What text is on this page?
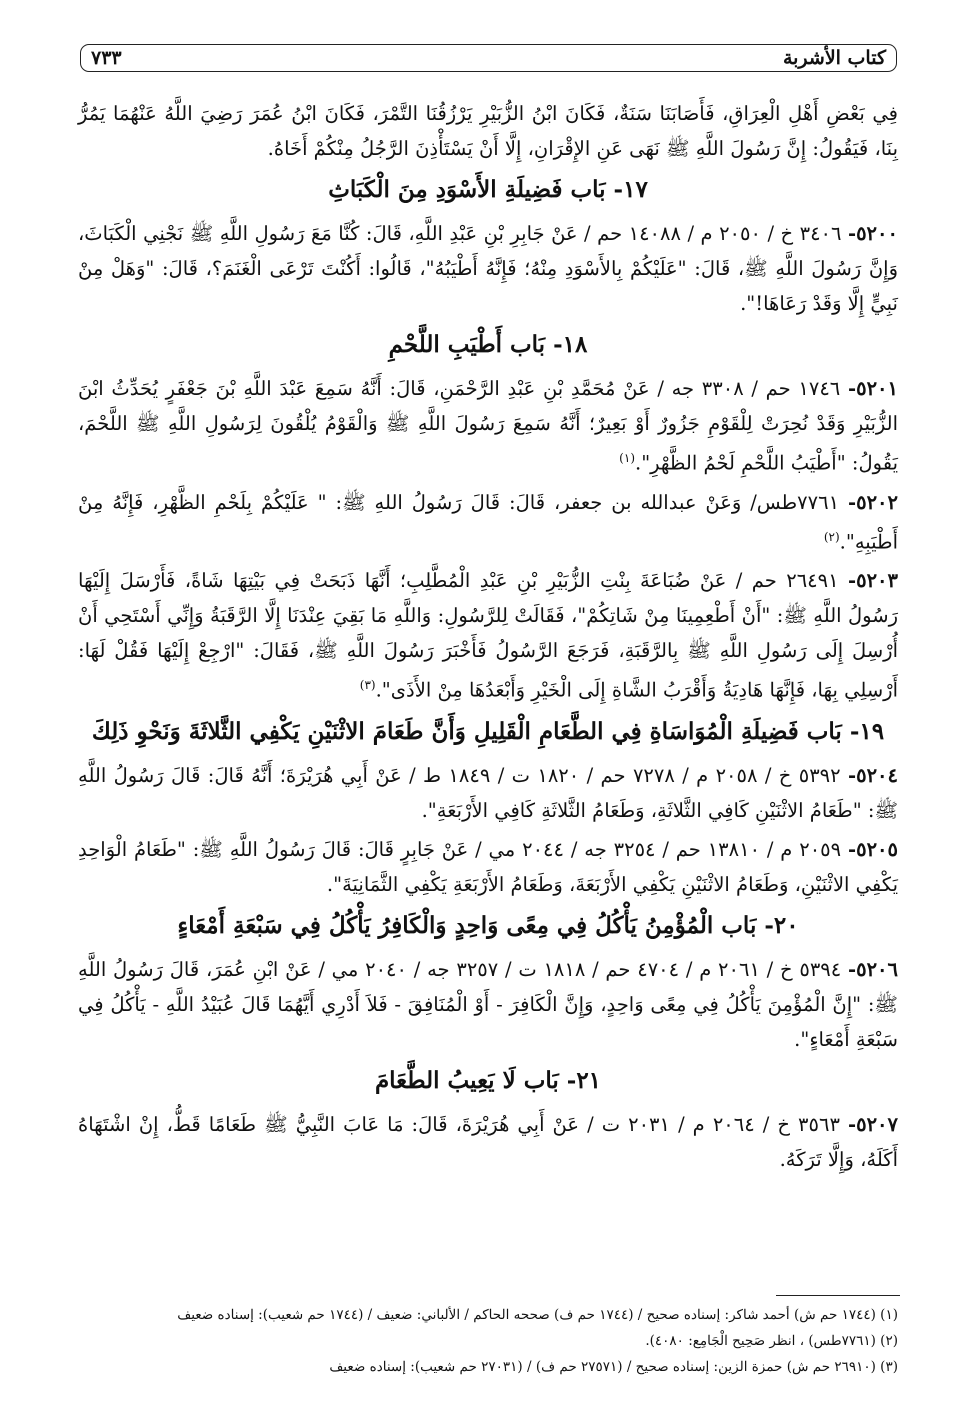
كتاب الأشربة
٧٣٣

فِي بَعْضِ أَهْلِ الْعِرَاقِ، فَأَصَابَنَا سَنَةٌ، فَكَانَ ابْنُ الزُّبَيْرِ يَرْزُقُنَا التَّمْرَ، فَكَانَ ابْنُ عُمَرَ رَضِيَ اللَّهُ عَنْهُمَا يَمُرُّ بِنَا، فَيَقُولُ: إِنَّ رَسُولَ اللَّهِ ﷺ نَهَى عَنِ الإِقْرَانِ، إِلَّا أَنْ يَسْتَأْذِنَ الرَّجُلُ مِنْكُمْ أَخَاهُ.

١٧- بَاب فَضِيلَةِ الأَسْوَدِ مِنَ الْكَبَاثِ

٥٢٠٠- ٣٤٠٦ خ / ٢٠٥٠ م / ١٤٠٨٨ حم / عَنْ جَابِرِ بْنِ عَبْدِ اللَّهِ، قَالَ: كُنَّا مَعَ رَسُولِ اللَّهِ ﷺ نَجْنِي الْكَبَاثَ، وَإِنَّ رَسُولَ اللَّهِ ﷺ، قَالَ: "عَلَيْكُمْ بِالأَسْوَدِ مِنْهُ؛ فَإِنَّهُ أَطْيَبُهُ"، قَالُوا: أَكُنْتَ تَرْعَى الْغَنَمَ؟، قَالَ: "وَهَلْ مِنْ نَبِيٍّ إِلَّا وَقَدْ رَعَاهَا!".

١٨- بَاب أَطْيَبِ اللَّحْمِ

٥٢٠١- ١٧٤٦ حم / ٣٣٠٨ جه / عَنْ مُحَمَّدِ بْنِ عَبْدِ الرَّحْمَنِ، قَالَ: أَنَّهُ سَمِعَ عَبْدَ اللَّهِ بْنَ جَعْفَرٍ يُحَدِّثُ ابْنَ الزُّبَيْرِ وَقَدْ نُحِرَتْ لِلْقَوْمِ جَزُورٌ أَوْ بَعِيرٌ؛ أَنَّهُ سَمِعَ رَسُولَ اللَّهِ ﷺ وَالْقَوْمُ يُلْقُونَ لِرَسُولِ اللَّهِ ﷺ اللَّحْمَ، يَقُولُ: "أَطْيَبُ اللَّحْمِ لَحْمُ الظَّهْرِ".$^{(١)}$

٥٢٠٢- ٧٧٦١طس/ وَعَنْ عبدالله بن جعفر، قَالَ: قَالَ رَسُولُ اللهِ ﷺ: " عَلَيْكُمْ بِلَحْمِ الظَّهْرِ، فَإِنَّهُ مِنْ أَطْيَبِهِ".$^{(٢)}$

٥٢٠٣- ٢٦٤٩١ حم / عَنْ ضُبَاعَةَ بِنْتِ الزُّبَيْرِ بْنِ عَبْدِ الْمُطَّلِبِ؛ أَنَّهَا ذَبَحَتْ فِي بَيْتِهَا شَاةً، فَأَرْسَلَ إِلَيْهَا رَسُولُ اللَّهِ ﷺ: "أَنْ أَطْعِمِينَا مِنْ شَاتِكُمْ"، فَقَالَتْ لِلرَّسُولِ: وَاللَّهِ مَا بَقِيَ عِنْدَنَا إِلَّا الرَّقَبَةُ وَإِنِّي أَسْتَحِي أَنْ أُرْسِلَ إِلَى رَسُولِ اللَّهِ ﷺ بِالرَّقَبَةِ، فَرَجَعَ الرَّسُولُ فَأَخْبَرَ رَسُولَ اللَّهِ ﷺ، فَقَالَ: "ارْجِعْ إِلَيْهَا فَقُلْ لَهَا: أَرْسِلِي بِهَا، فَإِنَّهَا هَادِيَةُ وَأَقْرَبُ الشَّاةِ إِلَى الْخَيْرِ وَأَبْعَدُهَا مِنْ الأَذَى".$^{(٣)}$

١٩- بَاب فَضِيلَةِ الْمُوَاسَاةِ فِي الطَّعَامِ الْقَلِيلِ وَأَنَّ طَعَامَ الاثْنَيْنِ يَكْفِي الثَّلاثَةَ وَنَحْوِ ذَلِكَ

٥٢٠٤- ٥٣٩٢ خ / ٢٠٥٨ م / ٧٢٧٨ حم / ١٨٢٠ ت / ١٨٤٩ ط / عَنْ أَبِي هُرَيْرَةَ؛ أَنَّهُ قَالَ: قَالَ رَسُولُ اللَّهِ ﷺ: "طَعَامُ الاثْنَيْنِ كَافِي الثَّلاثَةِ، وَطَعَامُ الثَّلاثَةِ كَافِي الأَرْبَعَةِ".

٥٢٠٥- ٢٠٥٩ م / ١٣٨١٠ حم / ٣٢٥٤ جه / ٢٠٤٤ مي / عَنْ جَابِرٍ قَالَ: قَالَ رَسُولُ اللَّهِ ﷺ: "طَعَامُ الْوَاحِدِ يَكْفِي الاثْنَيْنِ، وَطَعَامُ الاثْنَيْنِ يَكْفِي الأَرْبَعَةَ، وَطَعَامُ الأَرْبَعَةِ يَكْفِي الثَّمَانِيَةَ".

٢٠- بَاب الْمُؤْمِنُ يَأْكُلُ فِي مِعًى وَاحِدٍ وَالْكَافِرُ يَأْكُلُ فِي سَبْعَةِ أَمْعَاءٍ

٥٢٠٦- ٥٣٩٤ خ / ٢٠٦١ م / ٤٧٠٤ حم / ١٨١٨ ت / ٣٢٥٧ جه / ٢٠٤٠ مي / عَنْ ابْنِ عُمَرَ، قَالَ رَسُولُ اللَّهِ ﷺ: "إِنَّ الْمُؤْمِنَ يَأْكُلُ فِي مِعًى وَاحِدٍ، وَإِنَّ الْكَافِرَ - أَوْ الْمُنَافِقَ - فَلاَ أَدْرِي أَيَّهُمَا قَالَ عُبَيْدُ اللَّهِ - يَأْكُلُ فِي سَبْعَةِ أَمْعَاءٍ".

٢١- بَاب لَا يَعِيبُ الطَّعَامَ

٥٢٠٧- ٣٥٦٣ خ / ٢٠٦٤ م / ٢٠٣١ ت / عَنْ أَبِي هُرَيْرَةَ، قَالَ: مَا عَابَ النَّبِيُّ ﷺ طَعَامًا قَطُّ، إِنْ اشْتَهَاهُ أَكَلَهُ، وَإِلَّا تَرَكَهُ.

(١) (١٧٤٤ حم ش) أحمد شاكر: إسناده صحيح / (١٧٤٤ حم ف) صححه الحاكم / الألباني: ضعيف / (١٧٤٤ حم شعيب): إسناده ضعيف
(٢) (٧٧٦١طس) ، انظر صَحِيح الْجَامِع: ٤٠٨٠).
(٣) (٢٦٩١٠ حم ش) حمزة الزين: إسناده صحيح / (٢٧٥٧١ حم ف) / (٢٧٠٣١ حم شعيب): إسناده ضعيف
